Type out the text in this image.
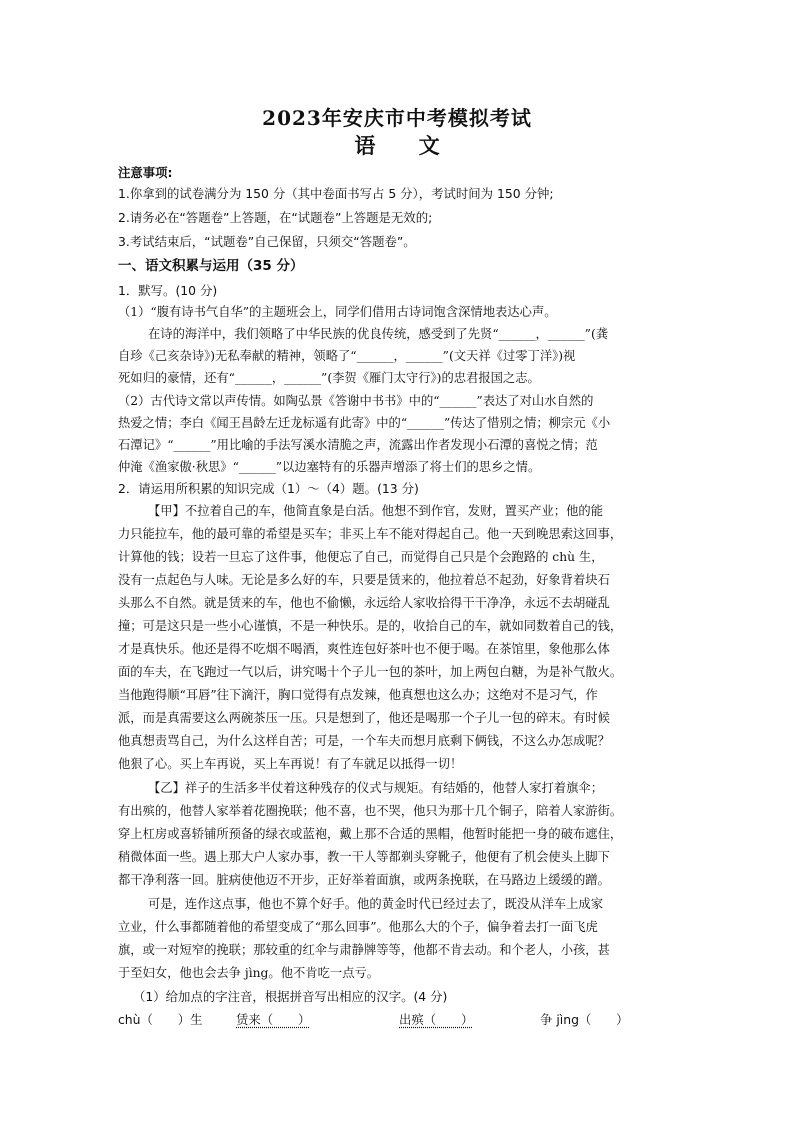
2023年安庆市中考模拟考试
语 文
注意事项:
1.你拿到的试卷满分为 150 分（其中卷面书写占 5 分），考试时间为 150 分钟;
2.请务必在“答题卷”上答题，在“试题卷”上答题是无效的;
3.考试结束后，“试题卷”自己保留，只须交“答题卷”。
一、语文积累与运用（35 分）
1．默写。(10 分)
（1）“腹有诗书气自华”的主题班会上，同学们借用古诗词饱含深情地表达心声。
在诗的海洋中，我们领略了中华民族的优良传统，感受到了先贤“______，______”(龚
自珍《己亥杂诗》)无私奉献的精神，领略了“______，______”(文天祥《过零丁洋》)视
死如归的豪情，还有“______，______”(李贺《雁门太守行》)的忠君报国之志。
（2）古代诗文常以声传情。如陶弘景《答谢中书书》中的“______”表达了对山水自然的
热爱之情；李白《闻王昌龄左迁龙标遥有此寄》中的“______”传达了惜别之情；柳宗元《小
石潭记》“______”用比喻的手法写溪水清脆之声，流露出作者发现小石潭的喜悦之情；范
仲淹《渔家傲·秋思》“______”以边塞特有的乐器声增添了将士们的思乡之情。
2．请运用所积累的知识完成（1）～（4）题。(13 分)
【甲】不拉着自己的车，他简直象是白活。他想不到作官，发财，置买产业；他的能
力只能拉车，他的最可靠的希望是买车；非买上车不能对得起自己。他一天到晚思索这回事，
计算他的钱；设若一旦忘了这件事，他便忘了自己，而觉得自己只是个会跑路的 chù 生，
没有一点起色与人味。无论是多么好的车，只要是赁来的，他拉着总不起劲，好象背着块石
头那么不自然。就是赁来的车，他也不偷懒，永远给人家收拾得干干净净，永远不去胡碰乱
撞；可是这只是一些小心谨慎，不是一种快乐。是的，收拾自己的车，就如同数着自己的钱，
才是真快乐。他还是得不吃烟不喝酒，爽性连包好茶叶也不便于喝。在茶馆里，象他那么体
面的车夫，在飞跑过一气以后，讲究喝十个子儿一包的茶叶，加上两包白糖，为是补气散火。
当他跑得顺“耳唇”往下滴汗，胸口觉得有点发辣，他真想也这么办；这绝对不是习气，作
派，而是真需要这么两碗茶压一压。只是想到了，他还是喝那一个子儿一包的碎末。有时候
他真想责骂自己，为什么这样自苦；可是，一个车夫而想月底剩下俩钱，不这么办怎成呢？
他狠了心。买上车再说，买上车再说！有了车就足以抵得一切！
【乙】祥子的生活多半仗着这种残存的仪式与规矩。有结婚的，他替人家打着旗伞；
有出殡的，他替人家举着花圈挽联；他不喜，也不哭，他只为那十几个铜子，陪着人家游街。
穿上杠房或喜轿铺所预备的绿衣或蓝袍，戴上那不合适的黑帽，他暂时能把一身的破布遮住，
稍微体面一些。遇上那大户人家办事，教一干人等都剃头穿靴子，他便有了机会使头上脚下
都干净利落一回。脏病使他迈不开步，正好举着面旗，或两条挽联，在马路边上缓缓的蹭。
可是，连作这点事，他也不算个好手。他的黄金时代已经过去了，既没从洋车上成家
立业，什么事都随着他的希望变成了“那么回事”。他那么大的个子，偏争着去打一面飞虎
旗，或一对短窄的挽联；那较重的红伞与肃静牌等等，他都不肯去动。和个老人，小孩，甚
于至妇女，他也会去争 jìng。他不肯吃一点亏。
（1）给加点的字注音，根据拼音写出相应的汉字。(4 分)
chù（　　）生	赁来（　　）	出殡（　　）	争 jìng（　　）
